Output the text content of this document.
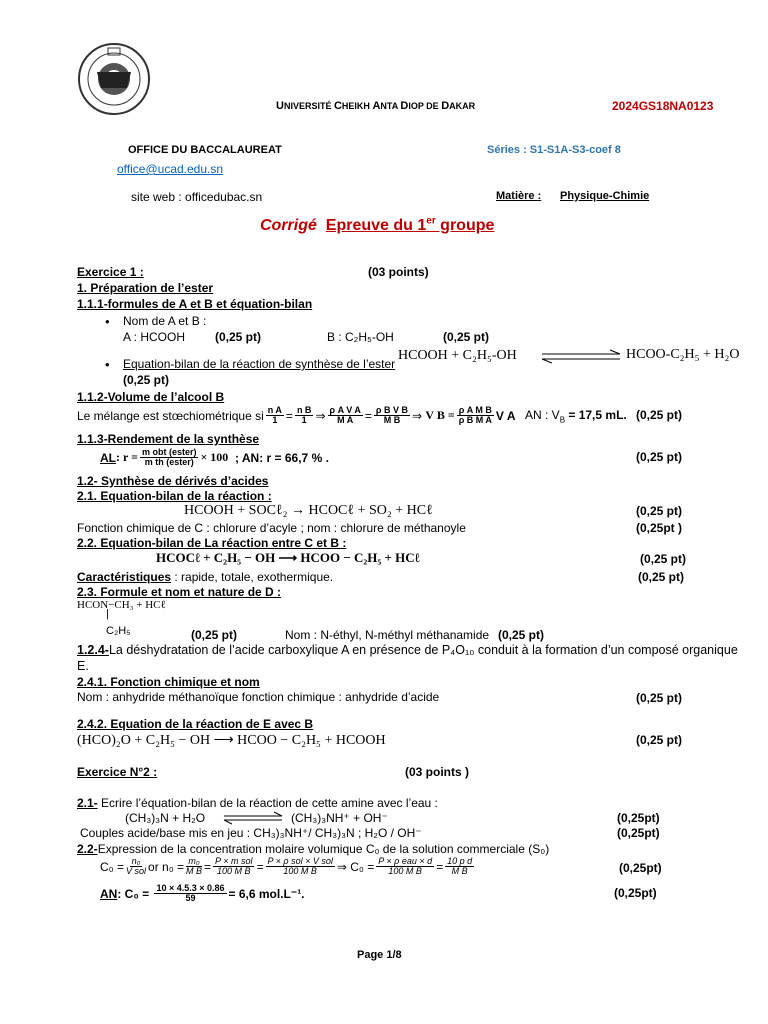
UNIVERSITÉ CHEIKH ANTA DIOP DE DAKAR	2024GS18NA0123
OFFICE DU BACCALAUREAT	Séries : S1-S1A-S3-coef 8
office@ucad.edu.sn
site web : officedubac.sn	Matière : Physique-Chimie
Corrigé Epreuve du 1er groupe
Exercice 1 :	(03 points)
1. Préparation de l’ester
1.1.1-formules de A et B et équation-bilan
• Nom de A et B :
A : HCOOH (0,25 pt)	B : C₂H₅-OH	(0,25 pt)
• Equation-bilan de la réaction de synthèse de l’ester
HCOOH + C₂H₅-OH	HCOO-C₂H₅ + H₂O
(0,25 pt)
1.1.2-Volume de l’alcool B
Le mélange est stœchiométrique si $\frac{\text{n A}}{1} = \frac{\text{n B}}{1}$ ⇒ $\frac{\text{ρ A V A}}{\text{M A}} = \frac{\text{ρ B V B}}{\text{M B}}$ ⇒ V $B = \frac{\text{ρ A M B}}{\text{ρ B M A}}$ V A AN : $V_B = 17,5$ mL. (0,25 pt)
1.1.3-Rendement de la synthèse
AL : $r = \frac{\text{m obt (ester)}}{\text{m th (ester)}} \times 100$
; AN: r = 66,7 % .	(0,25 pt)
1.2- Synthèse de dérivés d’acides
2.1. Equation-bilan de la réaction :
HCOOH + SOCℓ₂ → HCOCℓ + SO₂ + HCℓ	(0,25 pt)
Fonction chimique de C : chlorure d’acyle ; nom : chlorure de méthanoyle	(0,25pt )
2.2. Equation-bilan de La réaction entre C et B :
HCOCℓ + C₂H₅ − OH ⟶ HCOO − C₂H₅ + HCℓ	(0,25 pt)
Caractéristiques : rapide, totale, exothermique.	(0,25 pt)
2.3. Formule et nom et nature de D :
HCON−CH₃ + HCℓ
|
C₂H₅	(0,25 pt)	Nom : N-éthyl, N-méthyl méthanamide (0,25 pt)
1.2.4-La déshydratation de l’acide carboxylique A en présence de P₄O₁₀ conduit à la formation d’un composé organique
E.
2.4.1. Fonction chimique et nom
Nom : anhydride méthanoïque fonction chimique : anhydride d’acide	(0,25 pt)
2.4.2. Equation de la réaction de E avec B
(HCO)₂O + C₂H₅ − OH ⟶ HCOO − C₂H₅ + HCOOH	(0,25 pt)
Exercice N°2 :	(03 points )
2.1- Ecrire l’équation-bilan de la réaction de cette amine avec l’eau :
(CH₃)₃N + H₂O	(CH₃)₃NH⁺ + OH⁻	(0,25pt)
Couples acide/base mis en jeu : CH₃)₃NH⁺/ CH₃)₃N ; H₂O / OH⁻	(0,25pt)
2.2-Expression de la concentration molaire volumique C₀ de la solution commerciale (S₀)
$C_0 = \frac{\text{n₀}}{\text{V sol}}$ or $n_0 = \frac{\text{m₀}}{\text{M B}} = \frac{\text{P × m sol}}{\text{100 M B}} = \frac{\text{P × ρ sol × V sol}}{\text{100 M B}}$ ⇒ $C_0 = \frac{\text{P × ρ eau × d}}{\text{100 M B}} = \frac{\text{10 p d}}{\text{M B}}$	(0,25pt)
AN : C₀ =
$\frac{10 \times 4.5.3 \times 0.86}{59} = 6,6$ mol.L⁻¹.	(0,25pt)
Page 1/8
